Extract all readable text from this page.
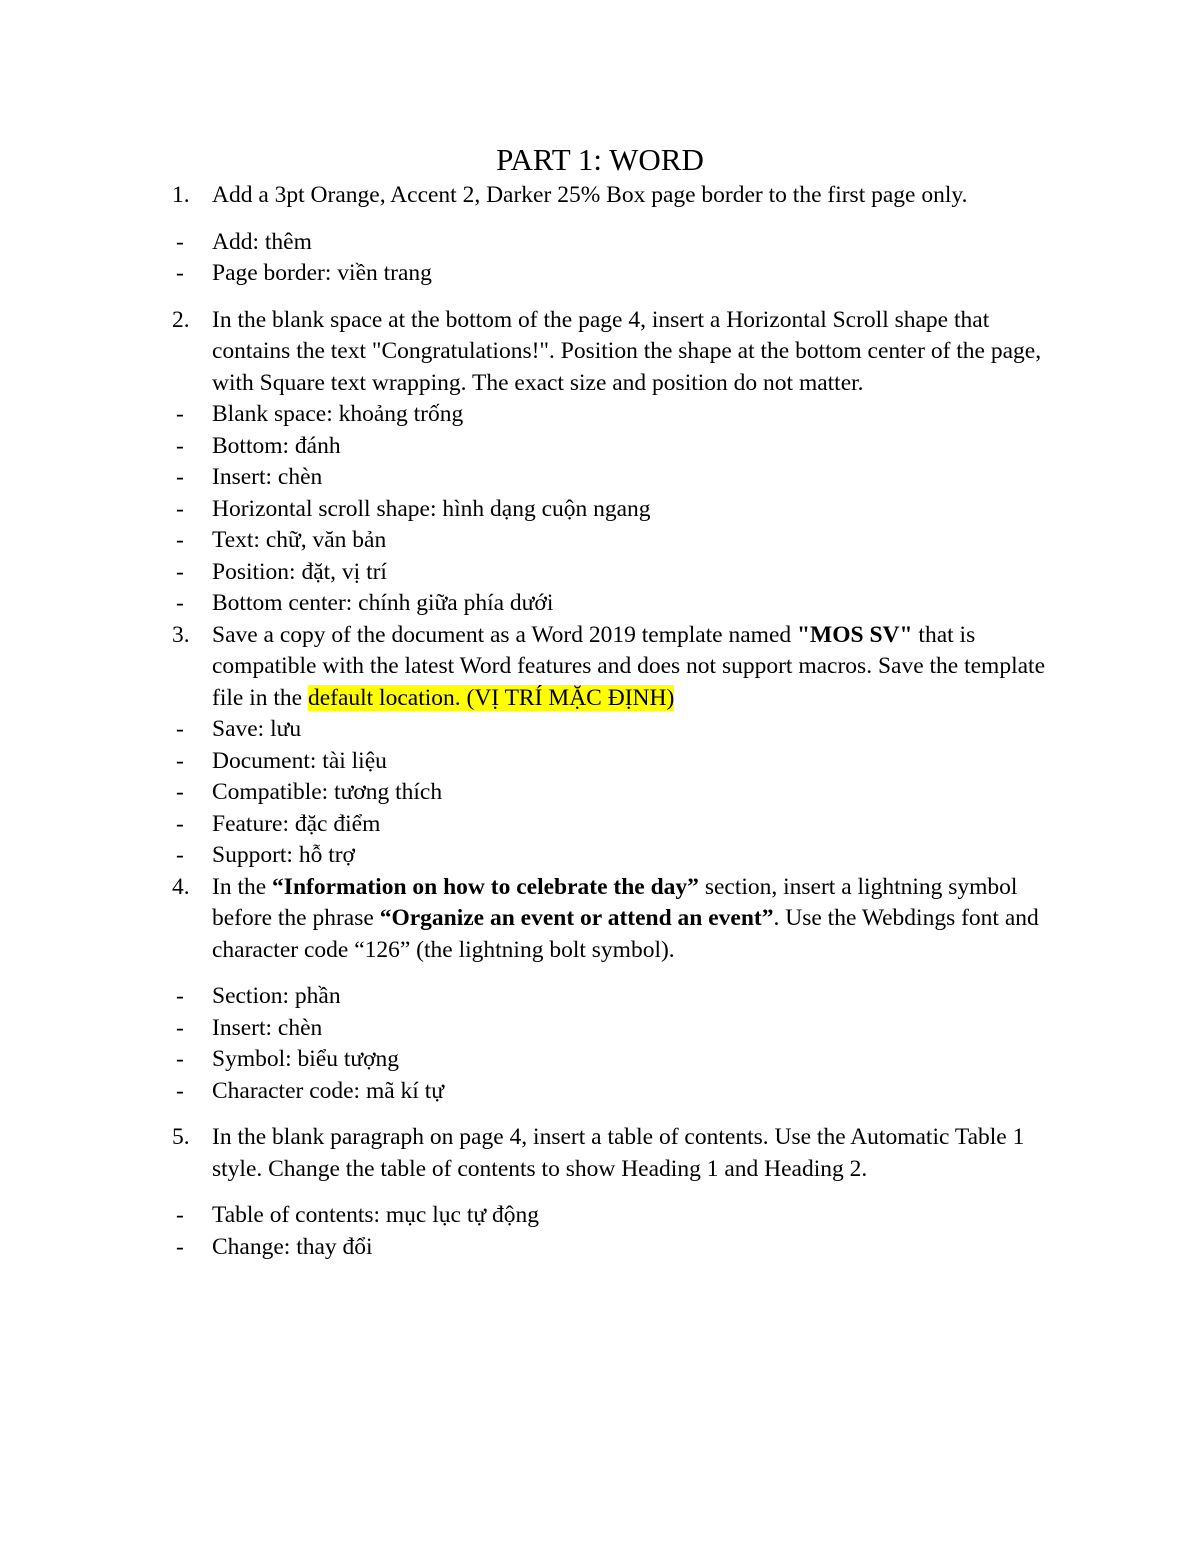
PART 1: WORD
1. Add a 3pt Orange, Accent 2, Darker 25% Box page border to the first page only.
-	Add: thêm
-	Page border: viền trang
2. In the blank space at the bottom of the page 4, insert a Horizontal Scroll shape that contains the text "Congratulations!". Position the shape at the bottom center of the page, with Square text wrapping. The exact size and position do not matter.
-	Blank space: khoảng trống
-	Bottom: đánh
-	Insert: chèn
-	Horizontal scroll shape: hình dạng cuộn ngang
-	Text: chữ, văn bản
-	Position: đặt, vị trí
-	Bottom center: chính giữa phía dưới
3. Save a copy of the document as a Word 2019 template named "MOS SV" that is compatible with the latest Word features and does not support macros. Save the template file in the default location. (VỊ TRÍ MẶC ĐỊNH)
-	Save: lưu
-	Document: tài liệu
-	Compatible: tương thích
-	Feature: đặc điểm
-	Support: hỗ trợ
4. In the “Information on how to celebrate the day” section, insert a lightning symbol before the phrase “Organize an event or attend an event”. Use the Webdings font and character code “126” (the lightning bolt symbol).
-	Section: phần
-	Insert: chèn
-	Symbol: biểu tượng
-	Character code: mã kí tự
5. In the blank paragraph on page 4, insert a table of contents. Use the Automatic Table 1 style. Change the table of contents to show Heading 1 and Heading 2.
-	Table of contents: mục lục tự động
-	Change: thay đổi
